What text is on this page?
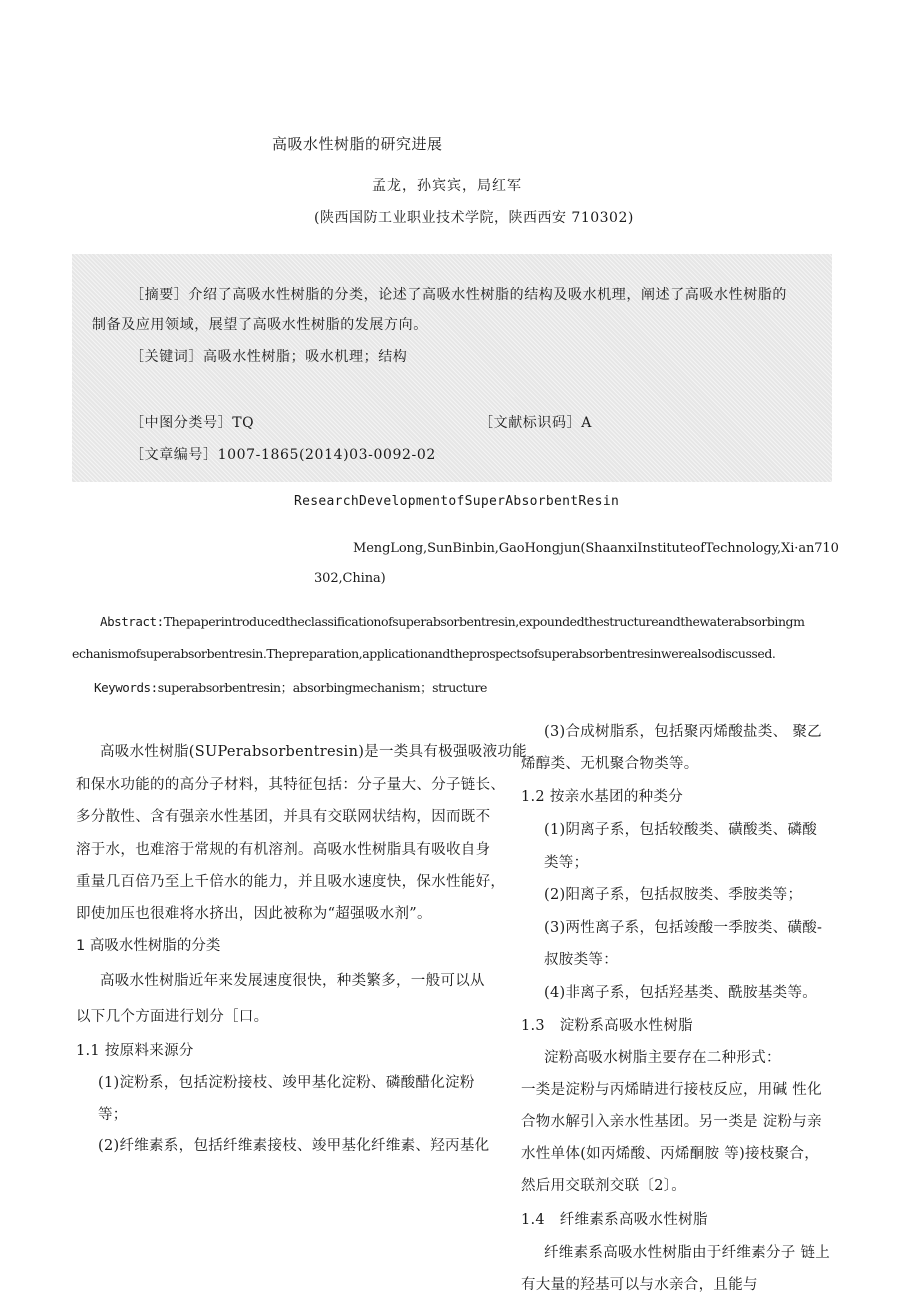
高吸水性树脂的研究进展
孟龙，孙宾宾，局红军
(陕西国防工业职业技术学院，陕西西安 710302)
［摘要］介绍了高吸水性树脂的分类，论述了高吸水性树脂的结构及吸水机理，阐述了高吸水性树脂的
制备及应用领域，展望了高吸水性树脂的发展方向。
［关键词］高吸水性树脂；吸水机理；结构
［中图分类号］TQ	［文献标识码］A
［文章编号］1007-1865(2014)03-0092-02
ResearchDevelopmentofSuperAbsorbentResin
MengLong,SunBinbin,GaoHongjun(ShaanxiInstituteofTechnology,Xi·an710
302,China)
Abstract:Thepaperintroducedtheclassificationofsuperabsorbentresin,expoundedthestructureandthewaterabsorbingm
echanismofsuperabsorbentresin.Thepreparation,applicationandtheprospectsofsuperabsorbentresinwerealsodiscussed.
Keywords:superabsorbentresin；absorbingmechanism；structure
高吸水性树脂(SUPerabsorbentresin)是一类具有极强吸液功能
和保水功能的的高分子材料，其特征包括：分子量大、分子链长、
多分散性、含有强亲水性基团，并具有交联网状结构，因而既不
溶于水，也难溶于常规的有机溶剂。高吸水性树脂具有吸收自身
重量几百倍乃至上千倍水的能力，并且吸水速度快，保水性能好，
即使加压也很难将水挤出，因此被称为“超强吸水剂”。
1 高吸水性树脂的分类
高吸水性树脂近年来发展速度很快，种类繁多，一般可以从
以下几个方面进行划分［口。
1.1 按原料来源分
(1)淀粉系，包括淀粉接枝、竣甲基化淀粉、磷酸醋化淀粉
等；
(2)纤维素系，包括纤维素接枝、竣甲基化纤维素、羟丙基化
(3)合成树脂系，包括聚丙烯酸盐类、 聚乙
烯醇类、无机聚合物类等。
1.2 按亲水基团的种类分
(1)阴离子系，包括较酸类、磺酸类、磷酸
类等；
(2)阳离子系，包括叔胺类、季胺类等；
(3)两性离子系，包括竣酸一季胺类、磺酸-
叔胺类等：
(4)非离子系，包括羟基类、酰胺基类等。
1.3　淀粉系高吸水性树脂
淀粉高吸水树脂主要存在二种形式：
一类是淀粉与丙烯睛进行接枝反应，用碱 性化
合物水解引入亲水性基团。另一类是 淀粉与亲
水性单体(如丙烯酸、丙烯酮胺 等)接枝聚合，
然后用交联剂交联〔2〕。
1.4　纤维素系高吸水性树脂
纤维素系高吸水性树脂由于纤维素分子 链上
有大量的羟基可以与水亲合，且能与
